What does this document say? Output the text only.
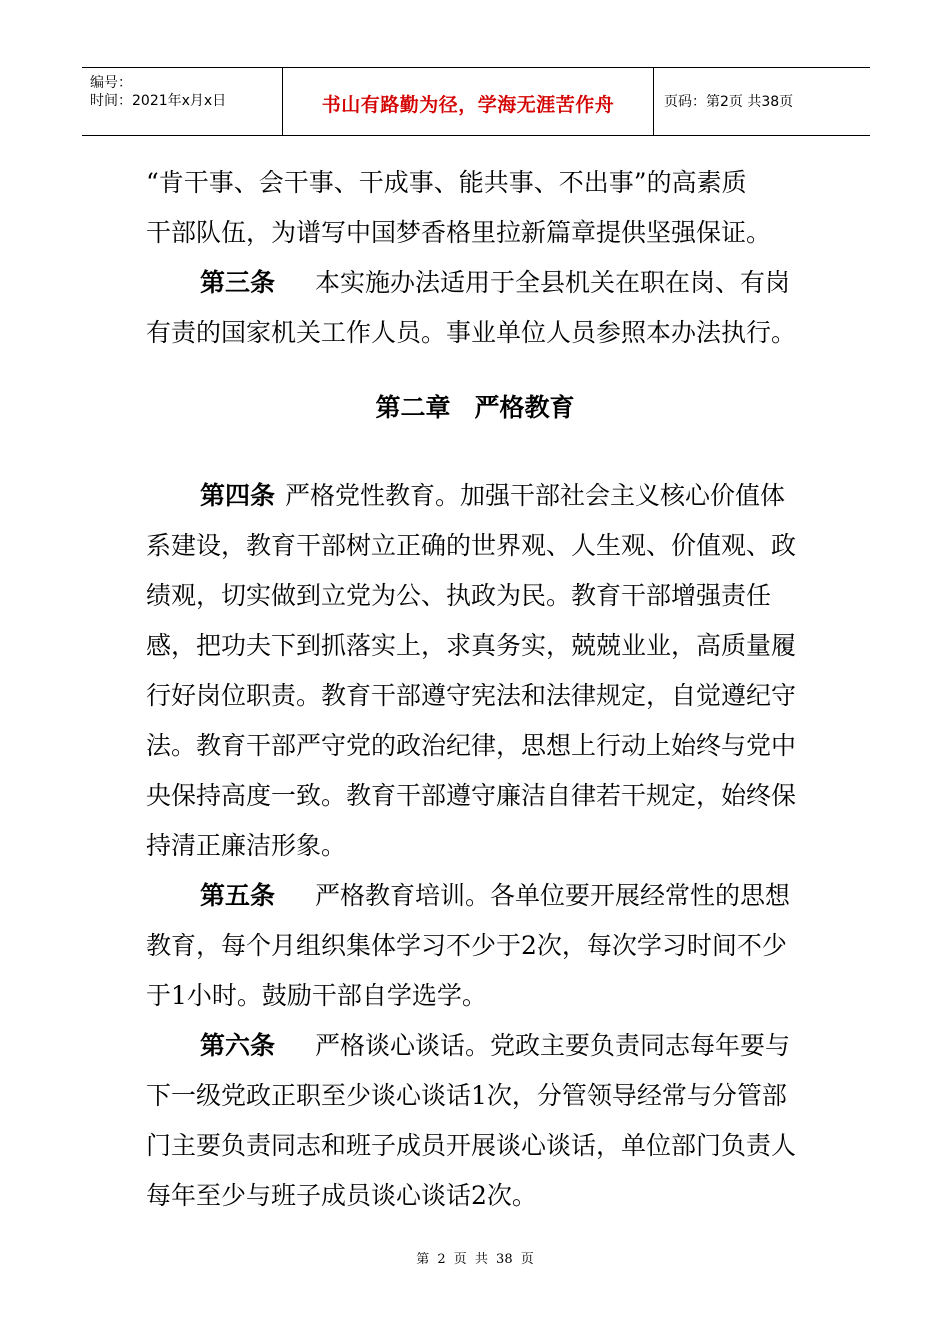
编号：
时间：2021年x月x日	书山有路勤为径，学海无涯苦作舟	页码：第2页 共38页

“肯干事、会干事、干成事、能共事、不出事”的高素质

干部队伍，为谱写中国梦香格里拉新篇章提供坚强保证。

第三条 本实施办法适用于全县机关在职在岗、有岗有责的国家机关工作人员。事业单位人员参照本办法执行。

第二章 严格教育

第四条 严格党性教育。加强干部社会主义核心价值体系建设，教育干部树立正确的世界观、人生观、价值观、政绩观，切实做到立党为公、执政为民。教育干部增强责任感，把功夫下到抓落实上，求真务实，兢兢业业，高质量履行好岗位职责。教育干部遵守宪法和法律规定，自觉遵纪守法。教育干部严守党的政治纪律，思想上行动上始终与党中央保持高度一致。教育干部遵守廉洁自律若干规定，始终保持清正廉洁形象。

第五条 严格教育培训。各单位要开展经常性的思想教育，每个月组织集体学习不少于2次，每次学习时间不少于1小时。鼓励干部自学选学。

第六条 严格谈心谈话。党政主要负责同志每年要与下一级党政正职至少谈心谈话1次，分管领导经常与分管部门主要负责同志和班子成员开展谈心谈话，单位部门负责人每年至少与班子成员谈心谈话2次。

第 2 页 共 38 页
